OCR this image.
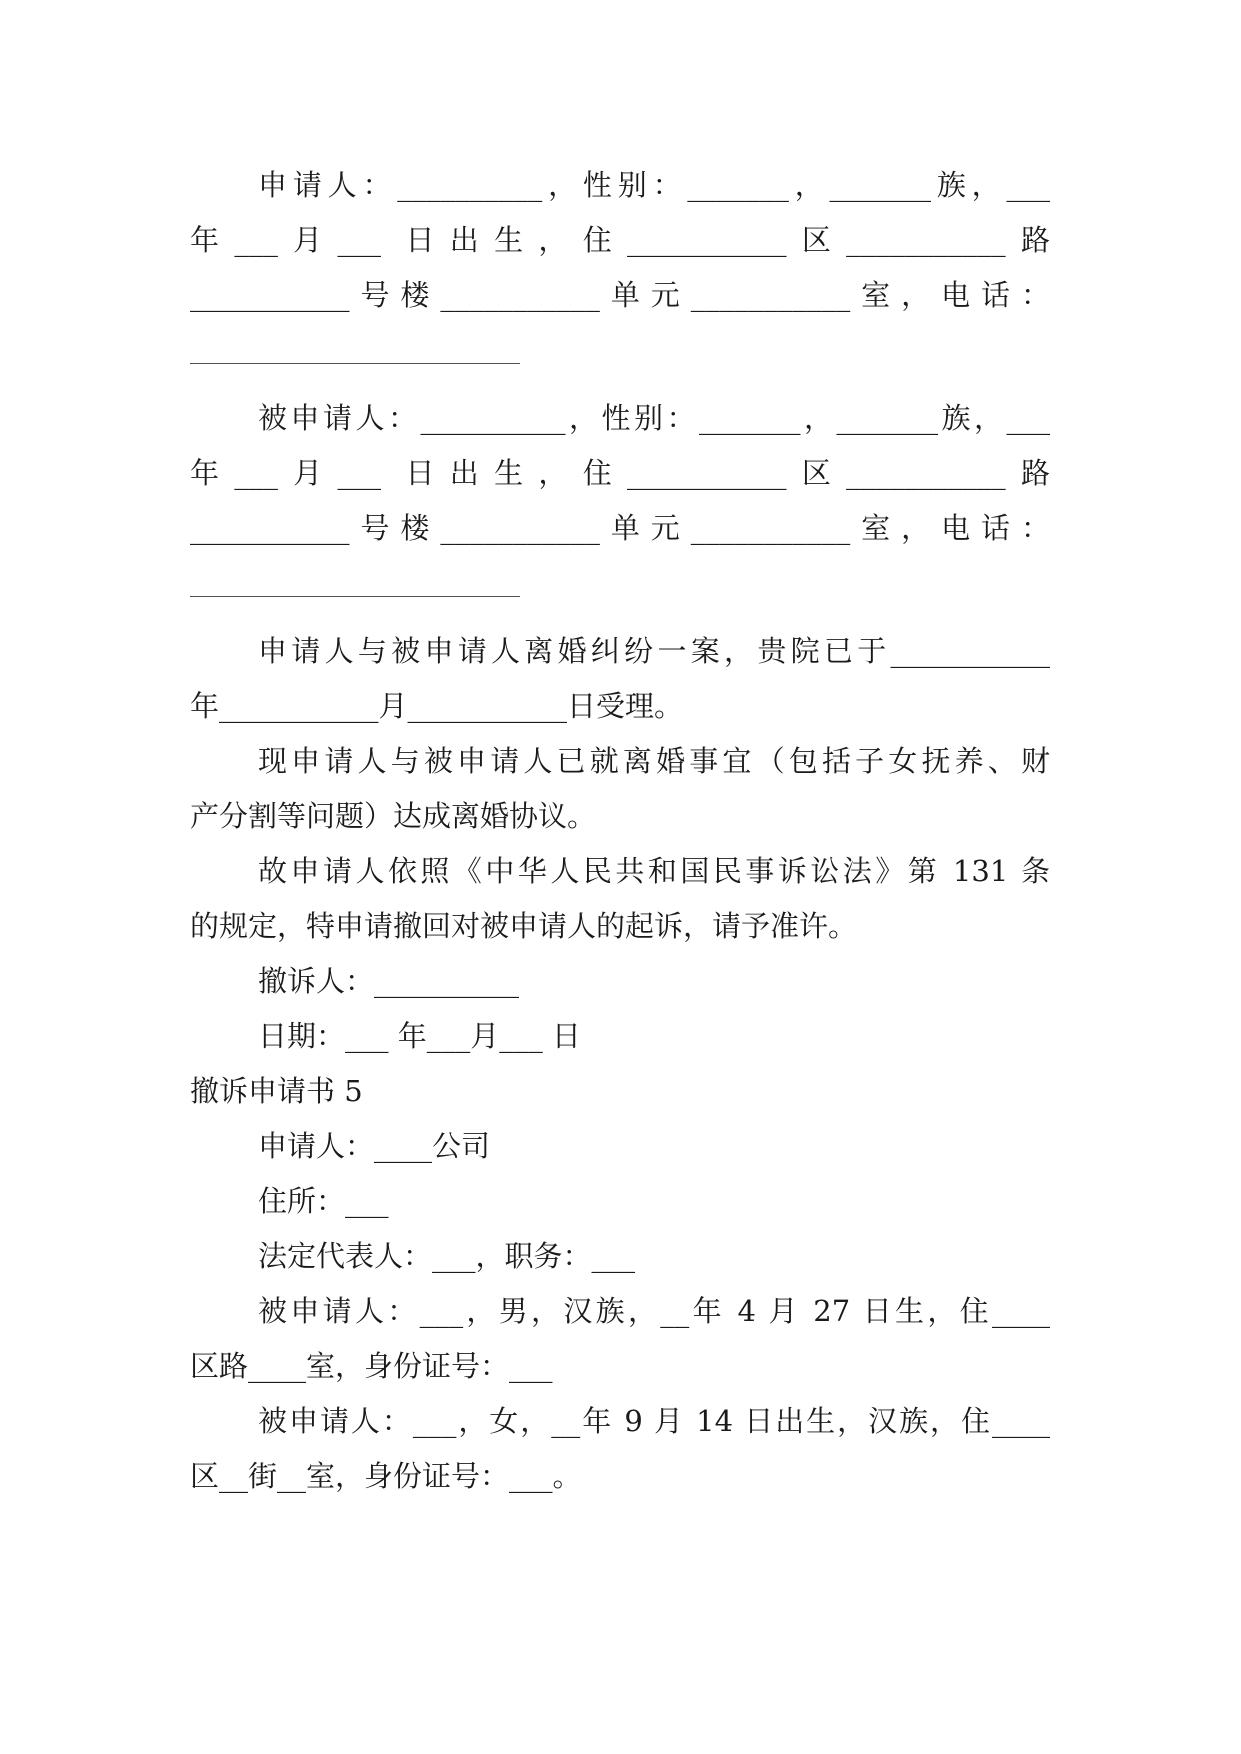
申请人：__________，性别：_______，_______族，___

年___月___ 日出生，住___________区___________路

___________号楼___________单元___________室，电话：

被申请人：__________，性别：_______，_______族，___

年___月___ 日出生，住___________区___________路

___________号楼___________单元___________室，电话：

申请人与被申请人离婚纠纷一案，贵院已于___________

年___________月___________日受理。

现申请人与被申请人已就离婚事宜（包括子女抚养、财

产分割等问题）达成离婚协议。

故申请人依照《中华人民共和国民事诉讼法》第 131 条

的规定，特申请撤回对被申请人的起诉，请予准许。

撤诉人：__________

日期：___ 年___月___ 日

撤诉申请书 5

申请人：____公司

住所：___

法定代表人：___，职务：___

被申请人：___，男，汉族，__年 4 月 27 日生，住____

区路____室，身份证号：___

被申请人：___，女，__年 9 月 14 日出生，汉族，住____

区__街__室，身份证号：___。
